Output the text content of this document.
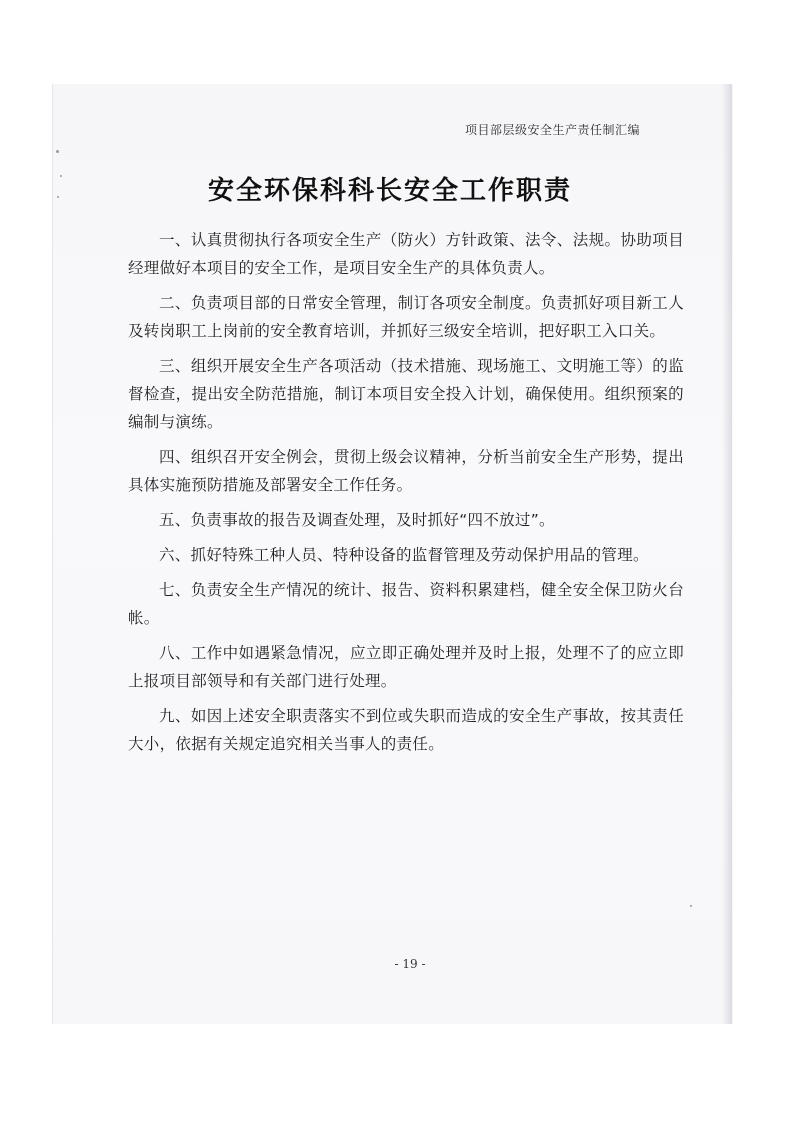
项目部层级安全生产责任制汇编
安全环保科科长安全工作职责

一、认真贯彻执行各项安全生产（防火）方针政策、法令、法规。协助项目经理做好本项目的安全工作，是项目安全生产的具体负责人。

二、负责项目部的日常安全管理，制订各项安全制度。负责抓好项目新工人及转岗职工上岗前的安全教育培训，并抓好三级安全培训，把好职工入口关。

三、组织开展安全生产各项活动（技术措施、现场施工、文明施工等）的监督检查，提出安全防范措施，制订本项目安全投入计划，确保使用。组织预案的编制与演练。

四、组织召开安全例会，贯彻上级会议精神，分析当前安全生产形势，提出具体实施预防措施及部署安全工作任务。

五、负责事故的报告及调查处理，及时抓好“四不放过”。

六、抓好特殊工种人员、特种设备的监督管理及劳动保护用品的管理。

七、负责安全生产情况的统计、报告、资料积累建档，健全安全保卫防火台帐。

八、工作中如遇紧急情况，应立即正确处理并及时上报，处理不了的应立即上报项目部领导和有关部门进行处理。

九、如因上述安全职责落实不到位或失职而造成的安全生产事故，按其责任大小，依据有关规定追究相关当事人的责任。

- 19 -
